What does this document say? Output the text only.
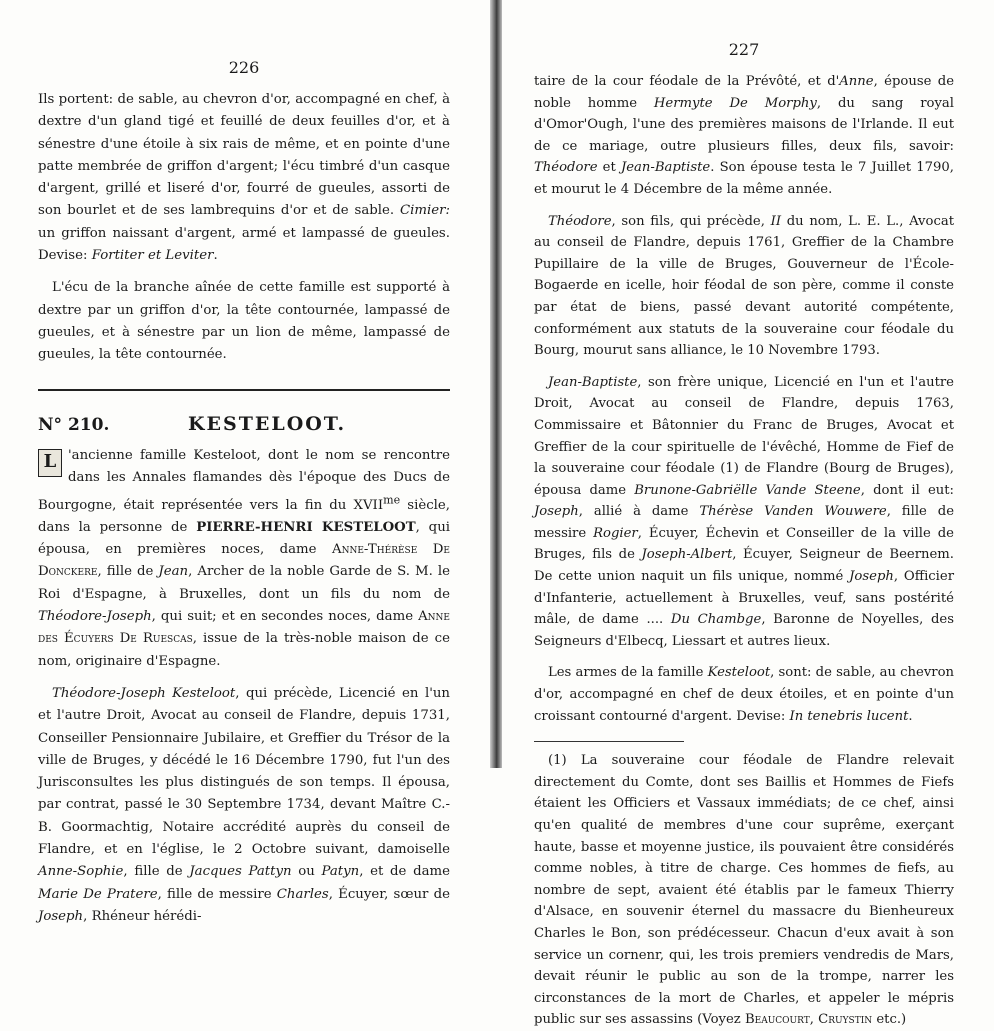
226

Ils portent: de sable, au chevron d'or, accompagné en chef, à dextre d'un gland tigé et feuillé de deux feuilles d'or, et à sénestre d'une étoile à six rais de même, et en pointe d'une patte membrée de griffon d'argent; l'écu timbré d'un casque d'argent, grillé et liseré d'or, fourré de gueules, assorti de son bourlet et de ses lambrequins d'or et de sable. Cimier: un griffon naissant d'argent, armé et lampassé de gueules. Devise: Fortiter et Leviter.

L'écu de la branche aînée de cette famille est supporté à dextre par un griffon d'or, la tête contournée, lampassé de gueules, et à sénestre par un lion de même, lampassé de gueules, la tête contournée.

N° 210.	KESTELOOT.

L 'ancienne famille Kesteloot, dont le nom se rencontre dans les Annales flamandes dès l'époque des Ducs de Bourgogne, était représentée vers la fin du $XVII^{me}$ siècle, dans la personne de PIERRE-HENRI KESTELOOT, qui épousa, en premières noces, dame Anne-Thérèse De Donckere, fille de Jean, Archer de la noble Garde de S. M. le Roi d'Espagne, à Bruxelles, dont un fils du nom de Théodore-Joseph, qui suit; et en secondes noces, dame Anne des Écuyers De Ruescas, issue de la très-noble maison de ce nom, originaire d'Espagne.

Théodore-Joseph Kesteloot, qui précède, Licencié en l'un et l'autre Droit, Avocat au conseil de Flandre, depuis 1731, Conseiller Pensionnaire Jubilaire, et Greffier du Trésor de la ville de Bruges, y décédé le 16 Décembre 1790, fut l'un des Jurisconsultes les plus distingués de son temps. Il épousa, par contrat, passé le 30 Septembre 1734, devant Maître C.-B. Goormachtig, Notaire accrédité auprès du conseil de Flandre, et en l'église, le 2 Octobre suivant, damoiselle Anne-Sophie, fille de Jacques Pattyn ou Patyn, et de dame Marie De Pratere, fille de messire Charles, Écuyer, sœur de Joseph, Rhéneur hérédi-

227

taire de la cour féodale de la Prévôté, et d'Anne, épouse de noble homme Hermyte De Morphy, du sang royal d'Omor'Ough, l'une des premières maisons de l'Irlande. Il eut de ce mariage, outre plusieurs filles, deux fils, savoir: Théodore et Jean-Baptiste. Son épouse testa le 7 Juillet 1790, et mourut le 4 Décembre de la même année.

Théodore, son fils, qui précède, II du nom, L. E. L., Avocat au conseil de Flandre, depuis 1761, Greffier de la Chambre Pupillaire de la ville de Bruges, Gouverneur de l'École-Bogaerde en icelle, hoir féodal de son père, comme il conste par état de biens, passé devant autorité compétente, conformément aux statuts de la souveraine cour féodale du Bourg, mourut sans alliance, le 10 Novembre 1793.

Jean-Baptiste, son frère unique, Licencié en l'un et l'autre Droit, Avocat au conseil de Flandre, depuis 1763, Commissaire et Bâtonnier du Franc de Bruges, Avocat et Greffier de la cour spirituelle de l'évêché, Homme de Fief de la souveraine cour féodale (1) de Flandre (Bourg de Bruges), épousa dame Brunone-Gabriëlle Vande Steene, dont il eut: Joseph, allié à dame Thérèse Vanden Wouwere, fille de messire Rogier, Écuyer, Échevin et Conseiller de la ville de Bruges, fils de Joseph-Albert, Écuyer, Seigneur de Beernem. De cette union naquit un fils unique, nommé Joseph, Officier d'Infanterie, actuellement à Bruxelles, veuf, sans postérité mâle, de dame .... Du Chambge, Baronne de Noyelles, des Seigneurs d'Elbecq, Liessart et autres lieux.

Les armes de la famille Kesteloot, sont: de sable, au chevron d'or, accompagné en chef de deux étoiles, et en pointe d'un croissant contourné d'argent. Devise: In tenebris lucent.

(1) La souveraine cour féodale de Flandre relevait directement du Comte, dont ses Baillis et Hommes de Fiefs étaient les Officiers et Vassaux immédiats; de ce chef, ainsi qu'en qualité de membres d'une cour suprême, exerçant haute, basse et moyenne justice, ils pouvaient être considérés comme nobles, à titre de charge. Ces hommes de fiefs, au nombre de sept, avaient été établis par le fameux Thierry d'Alsace, en souvenir éternel du massacre du Bienheureux Charles le Bon, son prédécesseur. Chacun d'eux avait à son service un cornenr, qui, les trois premiers vendredis de Mars, devait réunir le public au son de la trompe, narrer les circonstances de la mort de Charles, et appeler le mépris public sur ses assassins (Voyez Beaucourt, Cruystin etc.)
